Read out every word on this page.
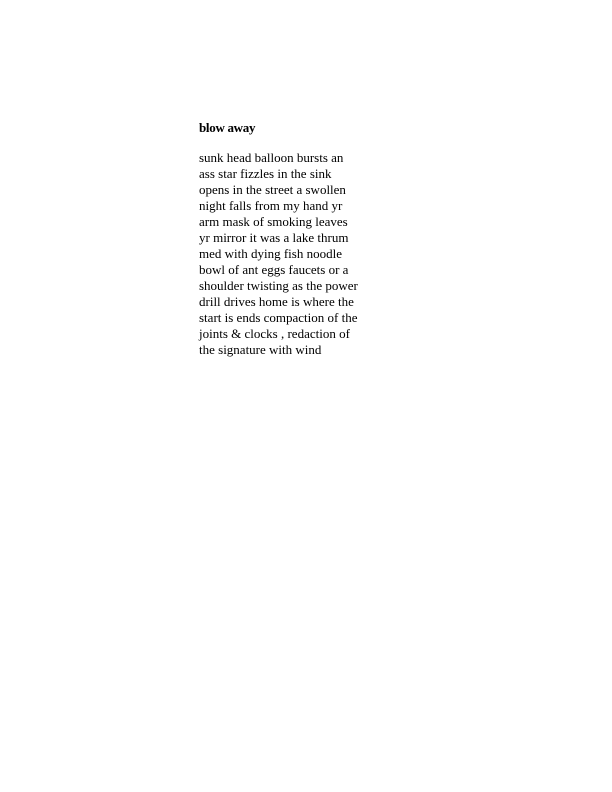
blow away
sunk head balloon bursts an
ass star fizzles in the sink
opens in the street a swollen
night falls from my hand yr
arm mask of smoking leaves
yr mirror it was a lake thrum
med with dying fish noodle
bowl of ant eggs faucets or a
shoulder twisting as the power
drill drives home is where the
start is ends compaction of the
joints & clocks , redaction of
the signature with wind
